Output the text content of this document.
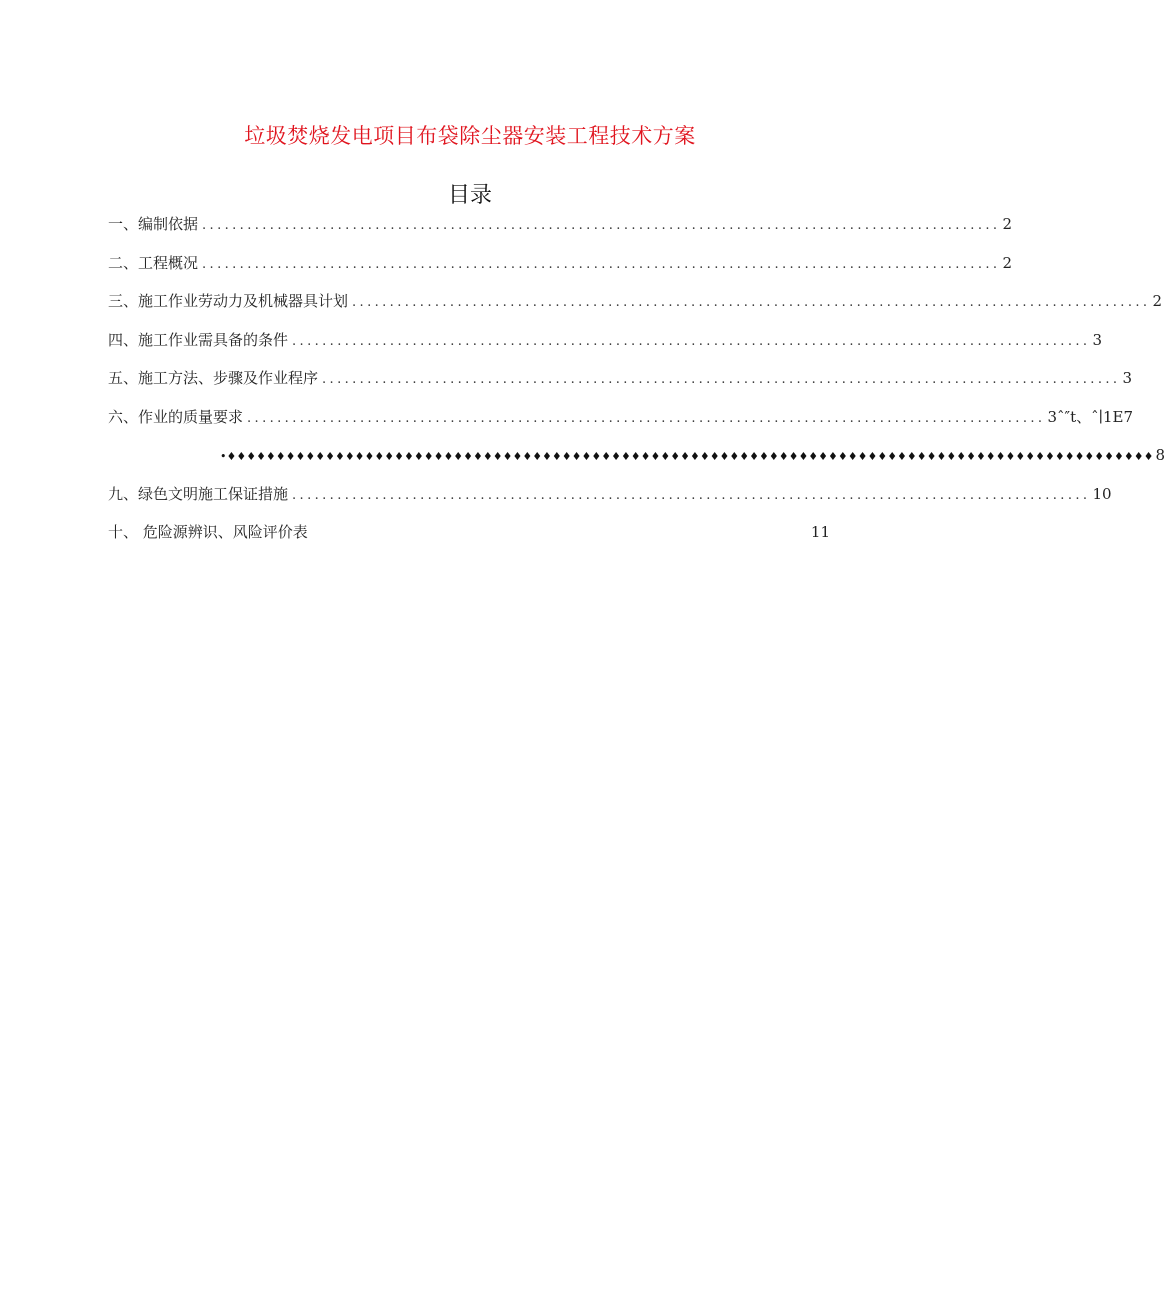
垃圾焚烧发电项目布袋除尘器安装工程技术方案
目录
一、编制依据 .......................................................................................................... 2
二、工程概况 .......................................................................................................... 2
三、施工作业劳动力及机械器具计划 .......................................................................................................... 2
四、施工作业需具备的条件 .......................................................................................................... 3
五、施工方法、步骤及作业程序 .......................................................................................................... 3
六、作业的质量要求 .......................................................................................................... 3ˆ″t、ˆ∣1E7
•♦♦♦♦♦♦♦♦♦♦♦♦♦♦♦♦♦♦♦♦♦♦♦♦♦♦♦♦♦♦♦♦♦♦♦♦♦♦♦♦♦♦♦♦♦♦♦♦♦♦♦♦♦♦♦♦♦♦♦♦♦♦♦♦♦♦♦♦♦♦♦♦♦♦♦♦♦♦♦♦♦♦♦♦♦♦♦♦♦♦♦♦♦♦ 8
九、绿色文明施工保证措施 .......................................................................................................... 10
十、 危险源辨识、风险评价表	11
